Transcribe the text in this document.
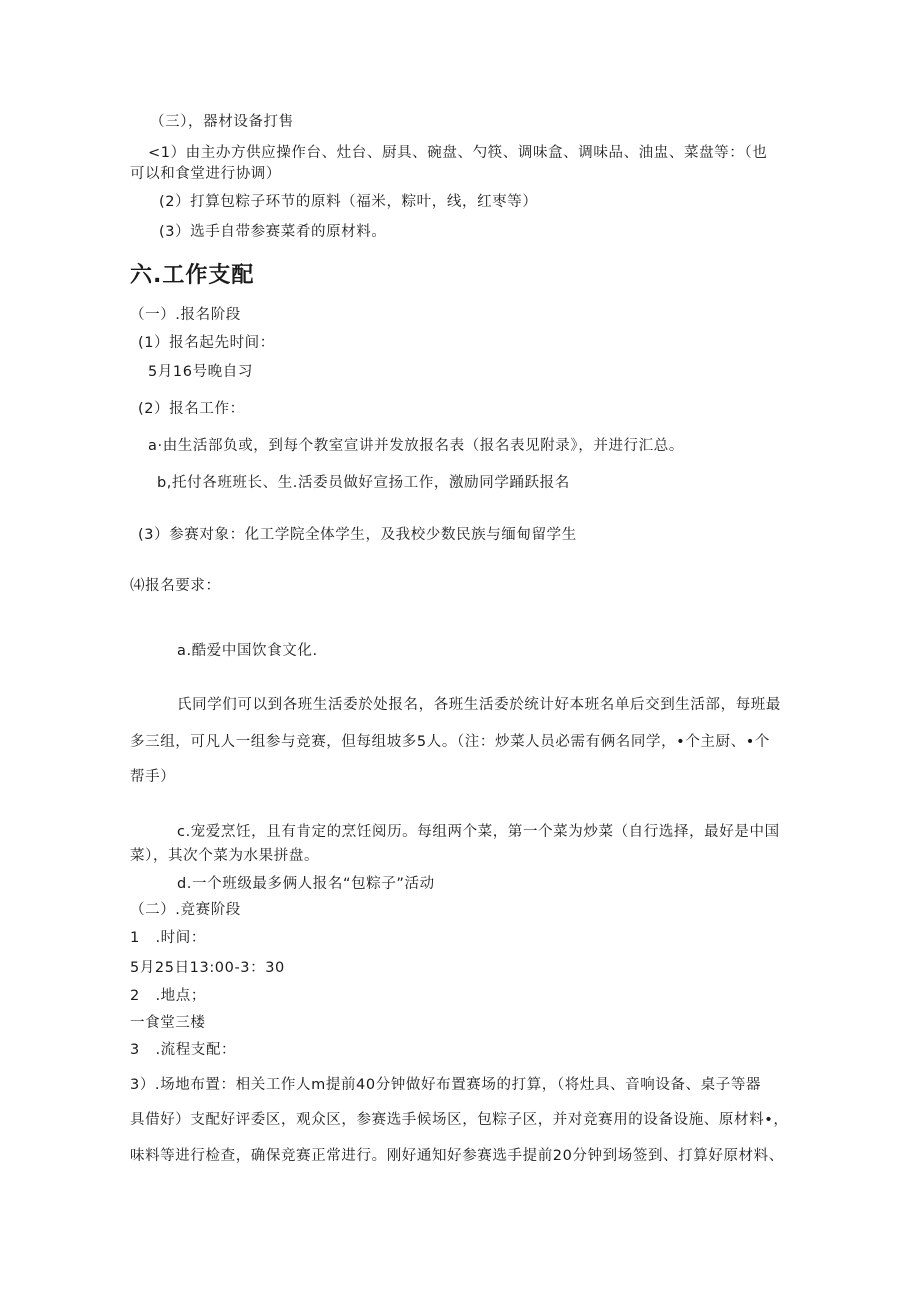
（三），器材设备打售
<1）由主办方供应操作台、灶台、厨具、碗盘、勺筷、调味盒、调味品、油盅、菜盘等：（也
可以和食堂进行协调）
(2）打算包粽子环节的原料（福米，粽叶，线，红枣等）
(3）选手自带参赛菜肴的原材料。
六.工作支配
（一）.报名阶段
(1）报名起先时间：
5月16号晚自习
(2）报名工作：
a·由生活部负或，到每个教室宣讲并发放报名表（报名表见附录》，并进行汇总。
b,托付各班班长、生.活委员做好宣扬工作，激励同学踊跃报名
(3）参赛对象：化工学院全体学生，及我校少数民族与缅甸留学生
⑷报名要求：
a.酷爱中国饮食文化.
氏同学们可以到各班生活委於处报名，各班生活委於统计好本班名单后交到生活部，每班最
多三组，可凡人一组参与竞赛，但每组坡多5人。（注：炒菜人员必需有俩名同学，•个主厨、•个
帮手）
c.宠爱烹饪，且有肯定的烹饪阅历。每组两个菜，第一个菜为炒菜（自行选择，最好是中国
菜），其次个菜为水果拼盘。
d.一个班级最多俩人报名“包粽子”活动
（二）.竞赛阶段
1   .时间：
5月25日13:00-3：30
2   .地点；
一食堂三楼
3   .流程支配：
3）.场地布置：相关工作人m提前40分钟做好布置赛场的打算，（将灶具、音响设备、桌子等器
具借好）支配好评委区，观众区，参赛选手候场区，包粽子区，并对竞赛用的设备设施、原材料•，
味料等进行检查，确保竞赛正常进行。刚好通知好参赛选手提前20分钟到场签到、打算好原材料、
